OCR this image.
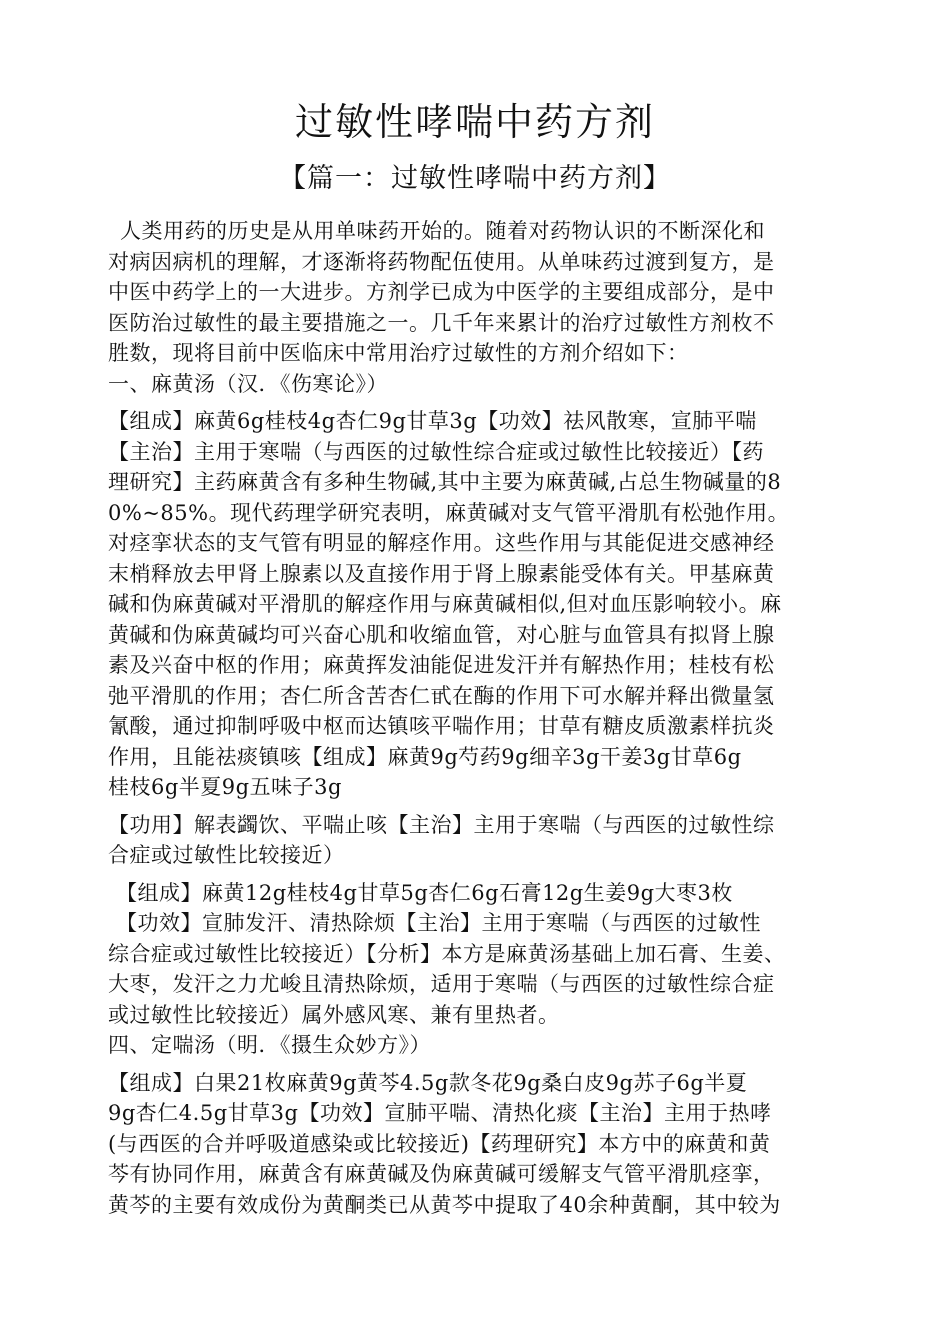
过敏性哮喘中药方剂
【篇一：过敏性哮喘中药方剂】
人类用药的历史是从用单味药开始的。随着对药物认识的不断深化和
对病因病机的理解，才逐渐将药物配伍使用。从单味药过渡到复方，是
中医中药学上的一大进步。方剂学已成为中医学的主要组成部分，是中
医防治过敏性的最主要措施之一。几千年来累计的治疗过敏性方剂枚不
胜数，现将目前中医临床中常用治疗过敏性的方剂介绍如下：
一、麻黄汤（汉．《伤寒论》）
【组成】麻黄6g桂枝4g杏仁9g甘草3g【功效】祛风散寒，宣肺平喘
【主治】主用于寒喘（与西医的过敏性综合症或过敏性比较接近）【药
理研究】主药麻黄含有多种生物碱,其中主要为麻黄碱,占总生物碱量的8
0%~85%。现代药理学研究表明，麻黄碱对支气管平滑肌有松弛作用。
对痉挛状态的支气管有明显的解痉作用。这些作用与其能促进交感神经
末梢释放去甲肾上腺素以及直接作用于肾上腺素能受体有关。甲基麻黄
碱和伪麻黄碱对平滑肌的解痉作用与麻黄碱相似,但对血压影响较小。麻
黄碱和伪麻黄碱均可兴奋心肌和收缩血管，对心脏与血管具有拟肾上腺
素及兴奋中枢的作用；麻黄挥发油能促进发汗并有解热作用；桂枝有松
弛平滑肌的作用；杏仁所含苦杏仁甙在酶的作用下可水解并释出微量氢
氰酸，通过抑制呼吸中枢而达镇咳平喘作用；甘草有糖皮质激素样抗炎
作用，且能祛痰镇咳【组成】麻黄9g芍药9g细辛3g干姜3g甘草6g
桂枝6g半夏9g五味子3g
【功用】解表蠲饮、平喘止咳【主治】主用于寒喘（与西医的过敏性综
合症或过敏性比较接近）
【组成】麻黄12g桂枝4g甘草5g杏仁6g石膏12g生姜9g大枣3枚
【功效】宣肺发汗、清热除烦【主治】主用于寒喘（与西医的过敏性
综合症或过敏性比较接近）【分析】本方是麻黄汤基础上加石膏、生姜、
大枣，发汗之力尤峻且清热除烦，适用于寒喘（与西医的过敏性综合症
或过敏性比较接近）属外感风寒、兼有里热者。
四、定喘汤（明．《摄生众妙方》）
【组成】白果21枚麻黄9g黄芩4.5g款冬花9g桑白皮9g苏子6g半夏
9g杏仁4.5g甘草3g【功效】宣肺平喘、清热化痰【主治】主用于热哮
(与西医的合并呼吸道感染或比较接近)【药理研究】本方中的麻黄和黄
芩有协同作用，麻黄含有麻黄碱及伪麻黄碱可缓解支气管平滑肌痉挛，
黄芩的主要有效成份为黄酮类已从黄芩中提取了40余种黄酮，其中较为
